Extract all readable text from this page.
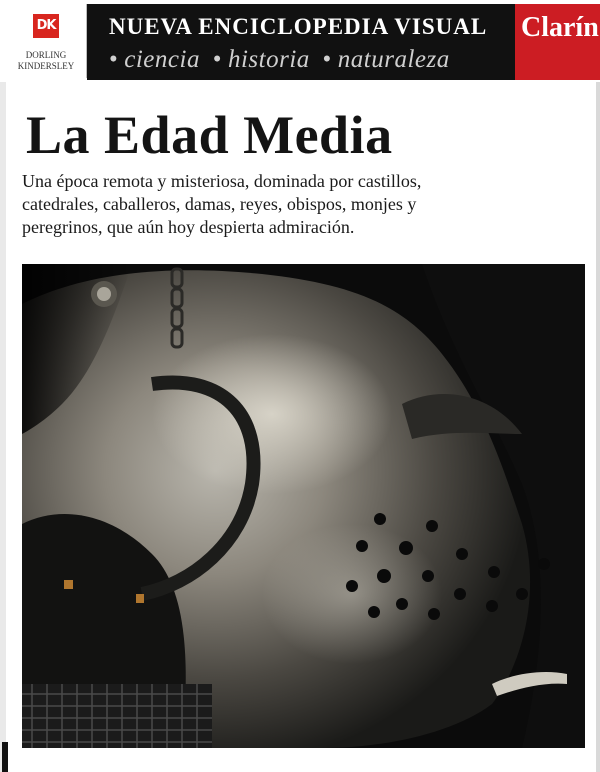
DK
DORLING
KINDERSLEY
NUEVA ENCICLOPEDIA VISUAL
• ciencia • historia • naturaleza
Clarín
La Edad Media

Una época remota y misteriosa, dominada por castillos, catedrales, caballeros, damas, reyes, obispos, monjes y peregrinos, que aún hoy despierta admiración.
